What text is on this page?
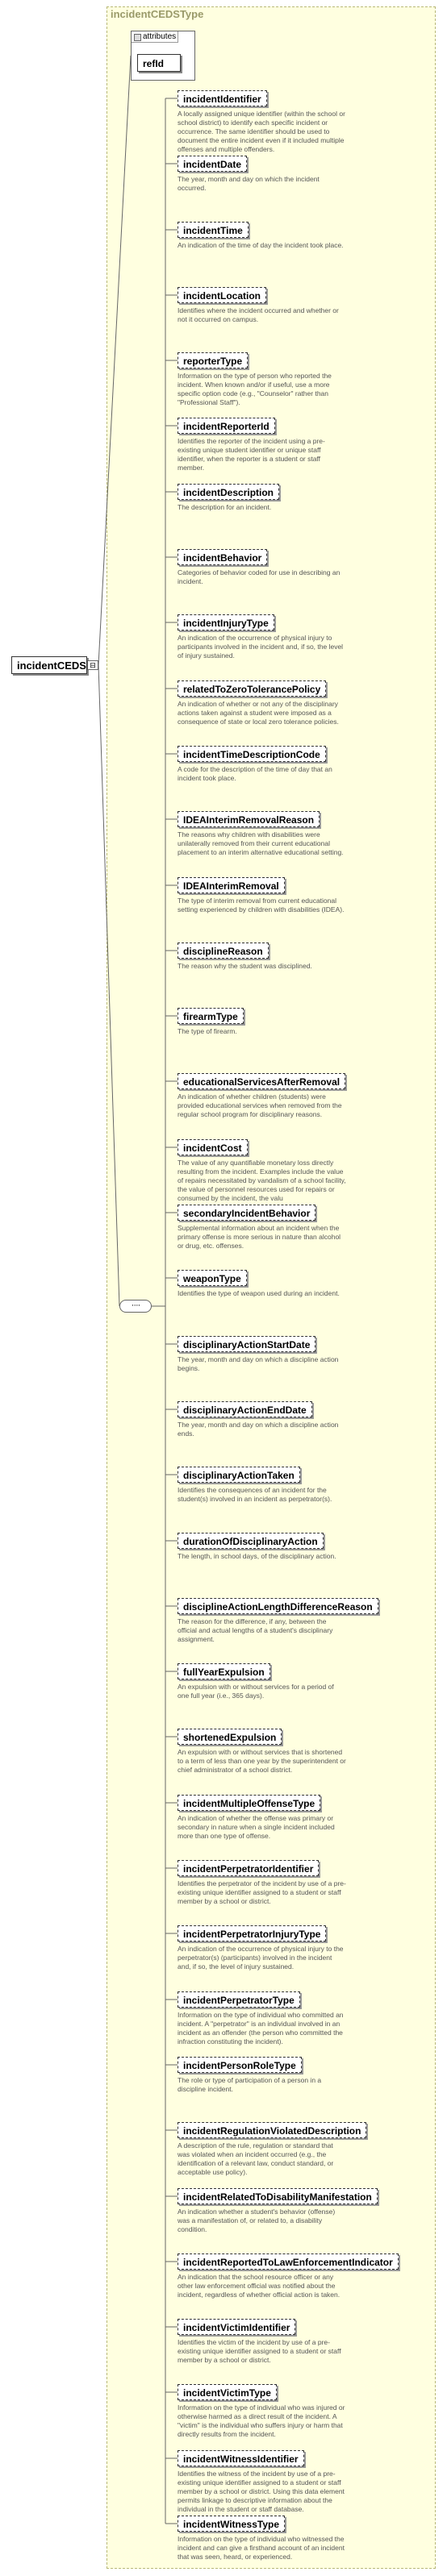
incidentCEDSType
attributes
refId
incidentCEDS ⊟
····
incidentIdentifier
A locally assigned unique identifier (within the school or school district) to identify each specific incident or occurrence. The same identifier should be used to document the entire incident even if it included multiple offenses and multiple offenders.
incidentDate
The year, month and day on which the incident occurred.
incidentTime
An indication of the time of day the incident took place.
incidentLocation
Identifies where the incident occurred and whether or not it occurred on campus.
reporterType
Information on the type of person who reported the incident. When known and/or if useful, use a more specific option code (e.g., "Counselor" rather than "Professional Staff").
incidentReporterId
Identifies the reporter of the incident using a pre-existing unique student identifier or unique staff identifier, when the reporter is a student or staff member.
incidentDescription
The description for an incident.
incidentBehavior
Categories of behavior coded for use in describing an incident.
incidentInjuryType
An indication of the occurrence of physical injury to participants involved in the incident and, if so, the level of injury sustained.
relatedToZeroTolerancePolicy
An indication of whether or not any of the disciplinary actions taken against a student were imposed as a consequence of state or local zero tolerance policies.
incidentTimeDescriptionCode
A code for the description of the time of day that an incident took place.
IDEAInterimRemovalReason
The reasons why children with disabilities were unilaterally removed from their current educational placement to an interim alternative educational setting.
IDEAInterimRemoval
The type of interim removal from current educational setting experienced by children with disabilities (IDEA).
disciplineReason
The reason why the student was disciplined.
firearmType
The type of firearm.
educationalServicesAfterRemoval
An indication of whether children (students) were provided educational services when removed from the regular school program for disciplinary reasons.
incidentCost
The value of any quantifiable monetary loss directly resulting from the incident. Examples include the value of repairs necessitated by vandalism of a school facility, the value of personnel resources used for repairs or consumed by the incident, the valu
secondaryIncidentBehavior
Supplemental information about an incident when the primary offense is more serious in nature than alcohol or drug, etc. offenses.
weaponType
Identifies the type of weapon used during an incident.
disciplinaryActionStartDate
The year, month and day on which a discipline action begins.
disciplinaryActionEndDate
The year, month and day on which a discipline action ends.
disciplinaryActionTaken
Identifies the consequences of an incident for the student(s) involved in an incident as perpetrator(s).
durationOfDisciplinaryAction
The length, in school days, of the disciplinary action.
disciplineActionLengthDifferenceReason
The reason for the difference, if any, between the official and actual lengths of a student's disciplinary assignment.
fullYearExpulsion
An expulsion with or without services for a period of one full year (i.e., 365 days).
shortenedExpulsion
An expulsion with or without services that is shortened to a term of less than one year by the superintendent or chief administrator of a school district.
incidentMultipleOffenseType
An indication of whether the offense was primary or secondary in nature when a single incident included more than one type of offense.
incidentPerpetratorIdentifier
Identifies the perpetrator of the incident by use of a pre-existing unique identifier assigned to a student or staff member by a school or district.
incidentPerpetratorInjuryType
An indication of the occurrence of physical injury to the perpetrator(s) (participants) involved in the incident and, if so, the level of injury sustained.
incidentPerpetratorType
Information on the type of individual who committed an incident. A "perpetrator" is an individual involved in an incident as an offender (the person who committed the infraction constituting the incident).
incidentPersonRoleType
The role or type of participation of a person in a discipline incident.
incidentRegulationViolatedDescription
A description of the rule, regulation or standard that was violated when an incident occurred (e.g., the identification of a relevant law, conduct standard, or acceptable use policy).
incidentRelatedToDisabilityManifestation
An indication whether a student's behavior (offense) was a manifestation of, or related to, a disability condition.
incidentReportedToLawEnforcementIndicator
An indication that the school resource officer or any other law enforcement official was notified about the incident, regardless of whether official action is taken.
incidentVictimIdentifier
Identifies the victim of the incident by use of a pre-existing unique identifier assigned to a student or staff member by a school or district.
incidentVictimType
Information on the type of individual who was injured or otherwise harmed as a direct result of the incident. A "victim" is the individual who suffers injury or harm that directly results from the incident.
incidentWitnessIdentifier
Identifies the witness of the incident by use of a pre-existing unique identifier assigned to a student or staff member by a school or district. Using this data element permits linkage to descriptive information about the individual in the student or staff database.
incidentWitnessType
Information on the type of individual who witnessed the incident and can give a firsthand account of an incident that was seen, heard, or experienced.
